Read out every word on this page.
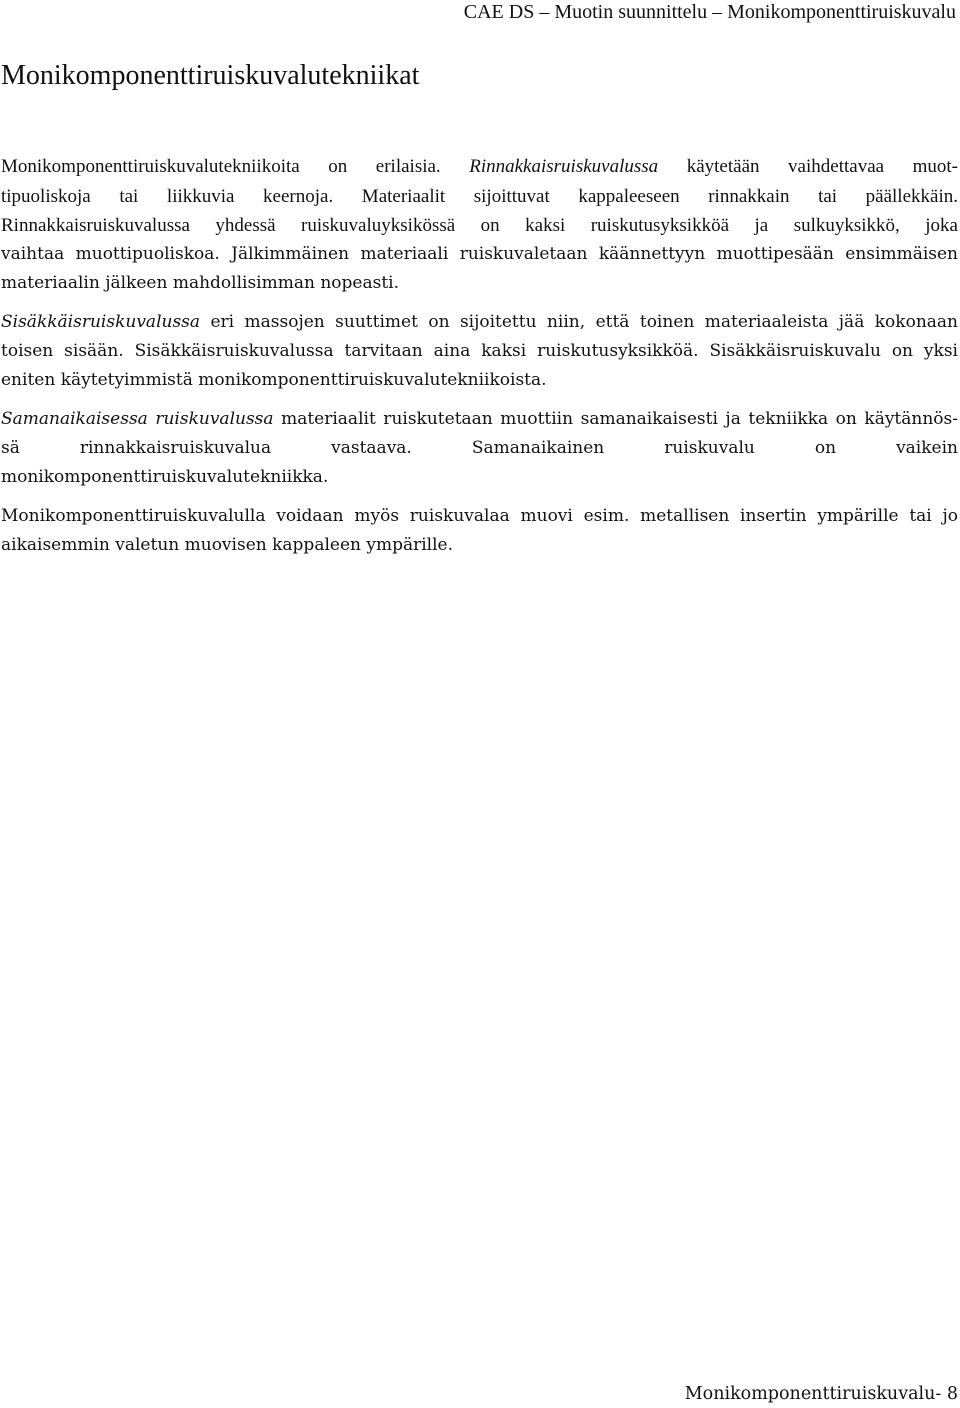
CAE DS – Muotin suunnittelu – Monikomponenttiruiskuvalu
Monikomponenttiruiskuvalutekniikat

Monikomponenttiruiskuvalutekniikoita on erilaisia. Rinnakkaisruiskuvalussa käytetään vaihdettavaa muot-
tipuoliskoja tai liikkuvia keernoja. Materiaalit sijoittuvat kappaleeseen rinnakkain tai päällekkäin.
Rinnakkaisruiskuvalussa yhdessä ruiskuvaluyksikössä on kaksi ruiskutusyksikköä ja sulkuyksikkö, joka
vaihtaa muottipuoliskoa. Jälkimmäinen materiaali ruiskuvaletaan käännettyyn muottipesään ensimmäisen
materiaalin jälkeen mahdollisimman nopeasti.

Sisäkkäisruiskuvalussa eri massojen suuttimet on sijoitettu niin, että toinen materiaaleista jää kokonaan
toisen sisään. Sisäkkäisruiskuvalussa tarvitaan aina kaksi ruiskutusyksikköä. Sisäkkäisruiskuvalu on yksi
eniten käytetyimmistä monikomponenttiruiskuvalutekniikoista.

Samanaikaisessa ruiskuvalussa materiaalit ruiskutetaan muottiin samanaikaisesti ja tekniikka on käytännös-
sä rinnakkaisruiskuvalua vastaava. Samanaikainen ruiskuvalu on vaikein
monikomponenttiruiskuvalutekniikka.

Monikomponenttiruiskuvalulla voidaan myös ruiskuvalaa muovi esim. metallisen insertin ympärille tai jo
aikaisemmin valetun muovisen kappaleen ympärille.

Monikomponenttiruiskuvalu- 8
